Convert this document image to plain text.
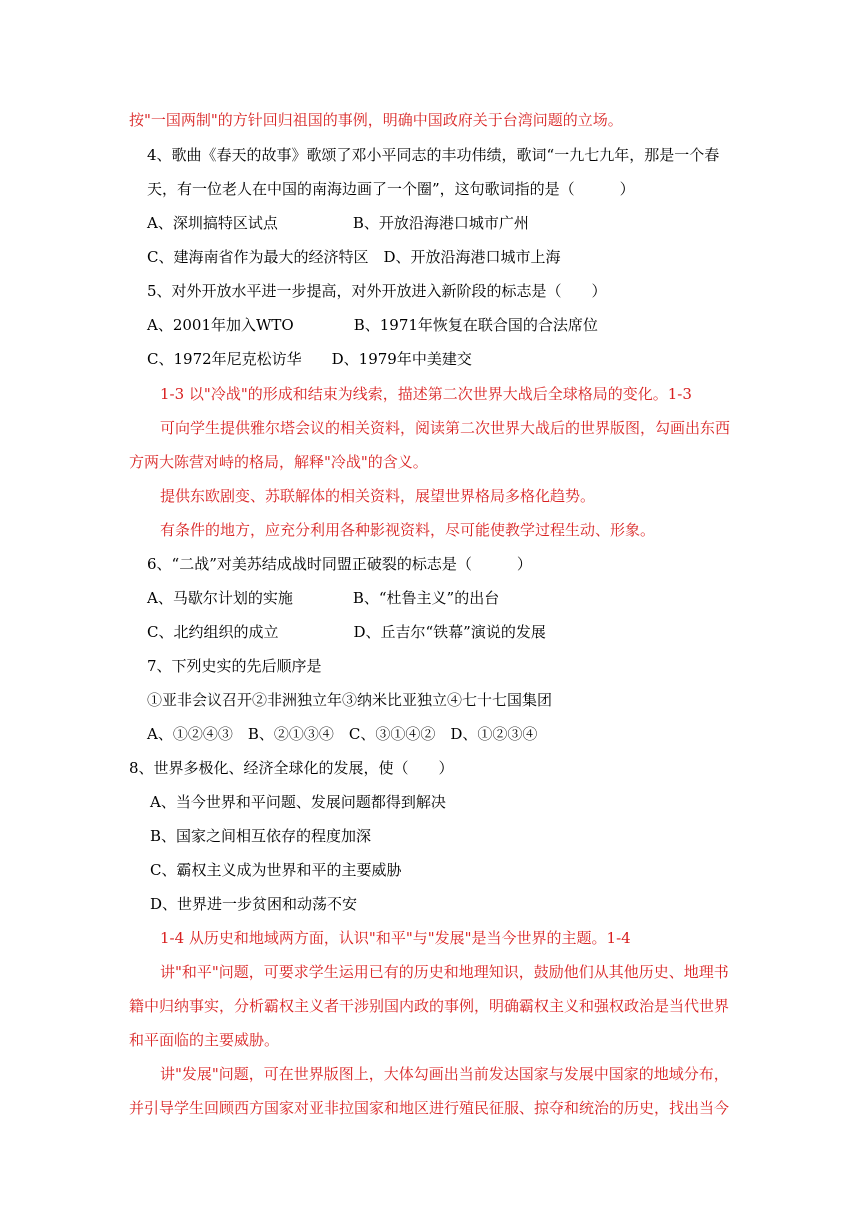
按"一国两制"的方针回归祖国的事例，明确中国政府关于台湾问题的立场。
4、歌曲《春天的故事》歌颂了邓小平同志的丰功伟绩，歌词“一九七九年，那是一个春
天，有一位老人在中国的南海边画了一个圈”，这句歌词指的是（　　　）
A、深圳搞特区试点　　　　　B、开放沿海港口城市广州
C、建海南省作为最大的经济特区　D、开放沿海港口城市上海
5、对外开放水平进一步提高，对外开放进入新阶段的标志是（　　）
A、2001年加入WTO　　　　B、1971年恢复在联合国的合法席位
C、1972年尼克松访华　　D、1979年中美建交
1-3 以"冷战"的形成和结束为线索，描述第二次世界大战后全球格局的变化。1-3
可向学生提供雅尔塔会议的相关资料，阅读第二次世界大战后的世界版图，勾画出东西
方两大陈营对峙的格局，解释"冷战"的含义。
提供东欧剧变、苏联解体的相关资料，展望世界格局多格化趋势。
有条件的地方，应充分利用各种影视资料，尽可能使教学过程生动、形象。
6、“二战”对美苏结成战时同盟正破裂的标志是（　　　）
A、马歇尔计划的实施　　　　B、“杜鲁主义”的出台
C、北约组织的成立　　　　　D、丘吉尔“铁幕”演说的发展
7、下列史实的先后顺序是
①亚非会议召开②非洲独立年③纳米比亚独立④七十七国集团
A、①②④③　B、②①③④　C、③①④②　D、①②③④
8、世界多极化、经济全球化的发展，使（　　）
A、当今世界和平问题、发展问题都得到解决
B、国家之间相互依存的程度加深
C、霸权主义成为世界和平的主要威胁
D、世界进一步贫困和动荡不安
1-4 从历史和地域两方面，认识"和平"与"发展"是当今世界的主题。1-4
讲"和平"问题，可要求学生运用已有的历史和地理知识，鼓励他们从其他历史、地理书
籍中归纳事实，分析霸权主义者干涉别国内政的事例，明确霸权主义和强权政治是当代世界
和平面临的主要威胁。
讲"发展"问题，可在世界版图上，大体勾画出当前发达国家与发展中国家的地域分布，
并引导学生回顾西方国家对亚非拉国家和地区进行殖民征服、掠夺和统治的历史，找出当今
